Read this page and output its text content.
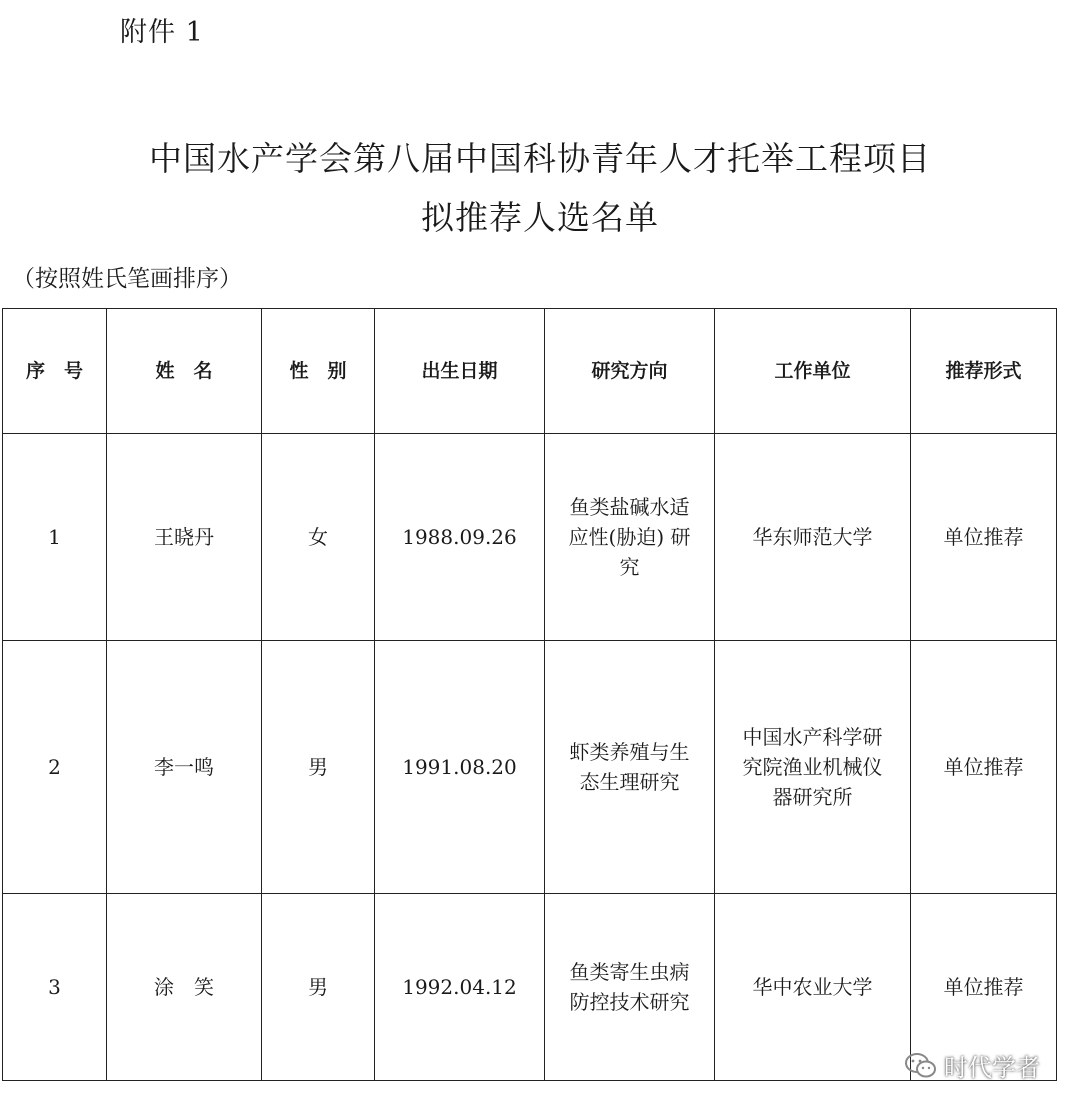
附件 1
中国水产学会第八届中国科协青年人才托举工程项目
拟推荐人选名单
（按照姓氏笔画排序）
序　号	姓　名	性　别	出生日期	研究方向	工作单位	推荐形式
1	王晓丹	女	1988.09.26	鱼类盐碱水适应性(胁迫) 研究	华东师范大学	单位推荐
2	李一鸣	男	1991.08.20	虾类养殖与生态生理研究	中国水产科学研究院渔业机械仪器研究所	单位推荐
3	涂　笑	男	1992.04.12	鱼类寄生虫病防控技术研究	华中农业大学	单位推荐
时代学者
